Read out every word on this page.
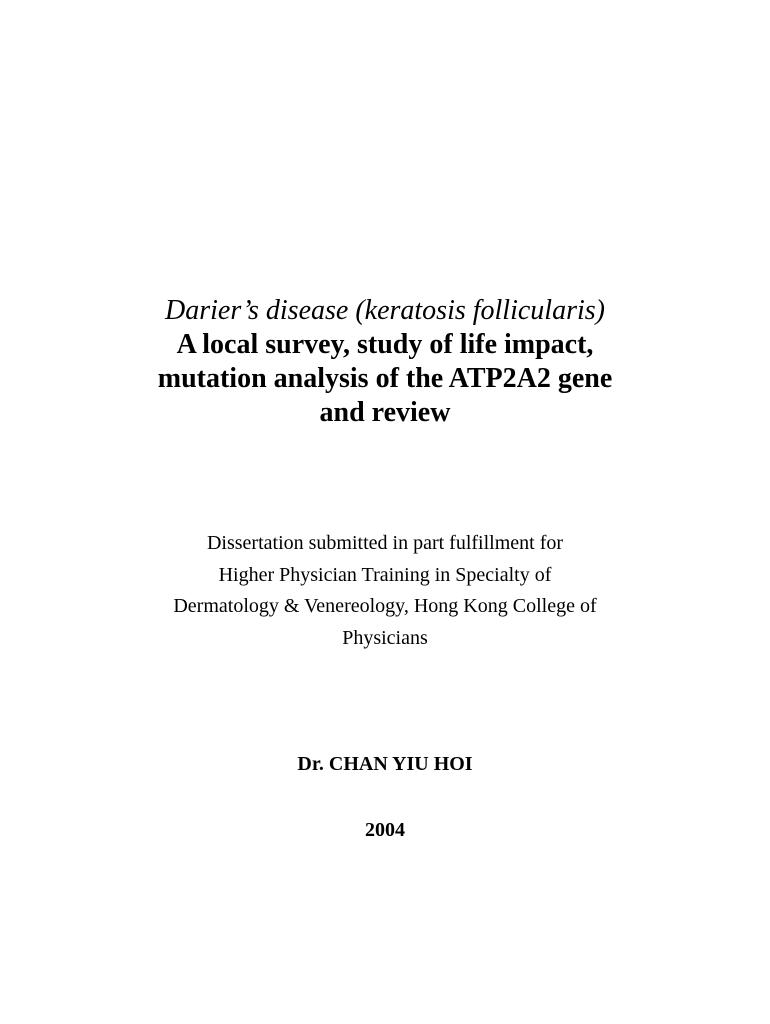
Darier’s disease (keratosis follicularis)
A local survey, study of life impact,
mutation analysis of the ATP2A2 gene
and review
Dissertation submitted in part fulfillment for
Higher Physician Training in Specialty of
Dermatology & Venereology, Hong Kong College of
Physicians
Dr. CHAN YIU HOI
2004
